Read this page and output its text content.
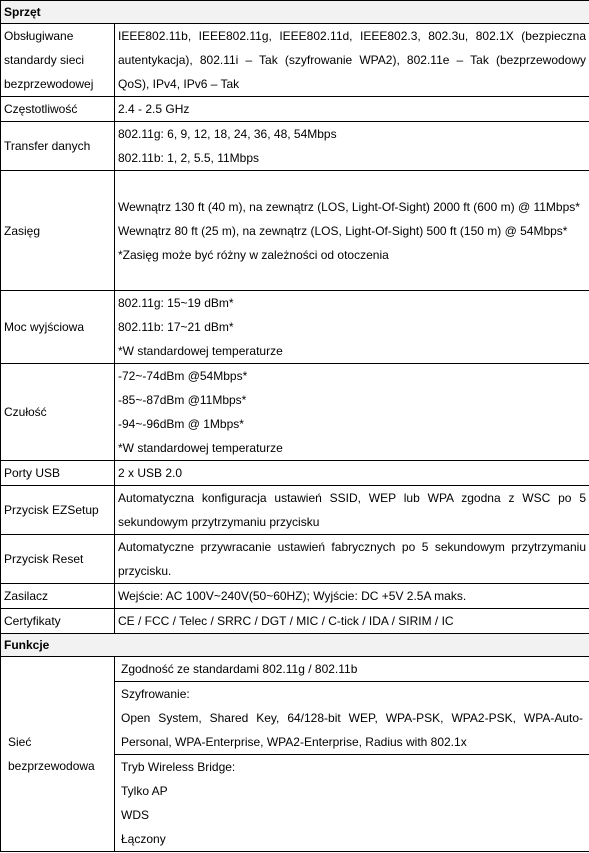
Sprzęt	

Obsługiwane
standardy sieci
bezprzewodowej	IEEE802.11b, IEEE802.11g, IEEE802.11d, IEEE802.3, 802.3u, 802.1X (bezpieczna autentykacja), 802.11i – Tak (szyfrowanie WPA2), 802.11e – Tak (bezprzewodowy QoS), IPv4, IPv6 – Tak

Częstotliwość	2.4 - 2.5 GHz

Transfer danych	802.11g: 6, 9, 12, 18, 24, 36, 48, 54Mbps
802.11b: 1, 2, 5.5, 11Mbps

Zasięg	Wewnątrz 130 ft (40 m), na zewnątrz (LOS, Light-Of-Sight) 2000 ft (600 m) @ 11Mbps*
Wewnątrz 80 ft (25 m), na zewnątrz (LOS, Light-Of-Sight) 500 ft (150 m) @ 54Mbps*
*Zasięg może być różny w zależności od otoczenia

Moc wyjściowa	802.11g: 15~19 dBm*
802.11b: 17~21 dBm*
*W standardowej temperaturze

Czułość	-72~-74dBm @54Mbps*
-85~-87dBm @11Mbps*
-94~-96dBm @ 1Mbps*
*W standardowej temperaturze

Porty USB	2 x USB 2.0

Przycisk EZSetup	Automatyczna konfiguracja ustawień SSID, WEP lub WPA zgodna z WSC po 5 sekundowym przytrzymaniu przycisku

Przycisk Reset	Automatyczne przywracanie ustawień fabrycznych po 5 sekundowym przytrzymaniu przycisku.

Zasilacz	Wejście: AC 100V~240V(50~60HZ); Wyjście: DC +5V 2.5A maks.

Certyfikaty	CE / FCC / Telec / SRRC / DGT / MIC / C-tick / IDA / SIRIM / IC

Funkcje	

Sieć
bezprzewodowa	Zgodność ze standardami 802.11g / 802.11b

	Szyfrowanie:
Open System, Shared Key, 64/128-bit WEP, WPA-PSK, WPA2-PSK, WPA-Auto-Personal, WPA-Enterprise, WPA2-Enterprise, Radius with 802.1x

	Tryb Wireless Bridge:
Tylko AP
WDS
Łączony
